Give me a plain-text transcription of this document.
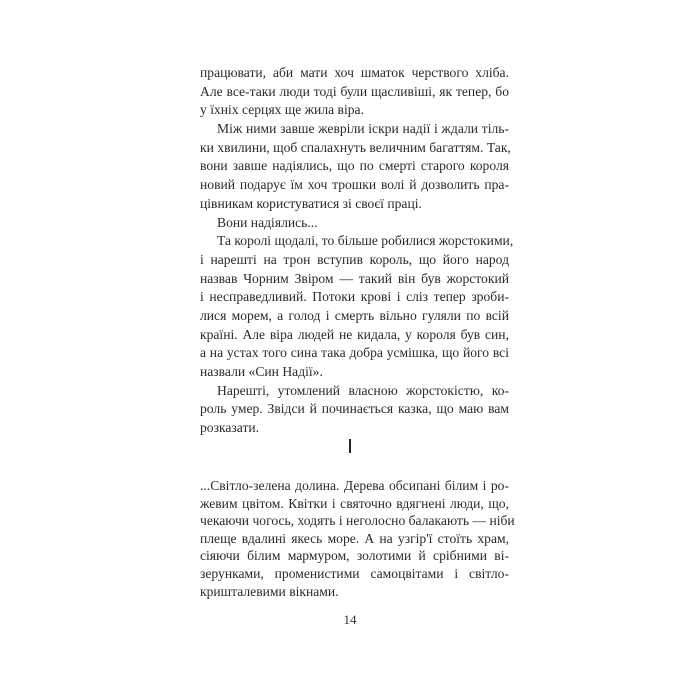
працювати, аби мати хоч шматок черствого хліба.
Але все-таки люди тоді були щасливіші, як тепер, бо
у їхніх серцях ще жила віра.
Між ними завше жевріли іскри надії і ждали тіль-
ки хвилини, щоб спалахнуть величним багаттям. Так,
вони завше надіялись, що по смерті старого короля
новий подарує їм хоч трошки волі й дозволить пра-
цівникам користуватися зі своєї праці.
Вони надіялись...
Та королі щодалі, то більше робилися жорстокими,
і нарешті на трон вступив король, що його народ
назвав Чорним Звіром — такий він був жорстокий
і несправедливий. Потоки крові і сліз тепер зроби-
лися морем, а голод і смерть вільно гуляли по всій
країні. Але віра людей не кидала, у короля був син,
а на устах того сина така добра усмішка, що його всі
назвали «Син Надії».
Нарешті, утомлений власною жорстокістю, ко-
роль умер. Звідси й починається казка, що маю вам
розказати.
I
...Світло-зелена долина. Дерева обсипані білим і ро-
жевим цвітом. Квітки і святочно вдягнені люди, що,
чекаючи чогось, ходять і неголосно балакають — ніби
плеще вдалині якесь море. А на узгір'ї стоїть храм,
сіяючи білим мармуром, золотими й срібними ві-
зерунками, променистими самоцвітами і світло-
кришталевими вікнами.
14
